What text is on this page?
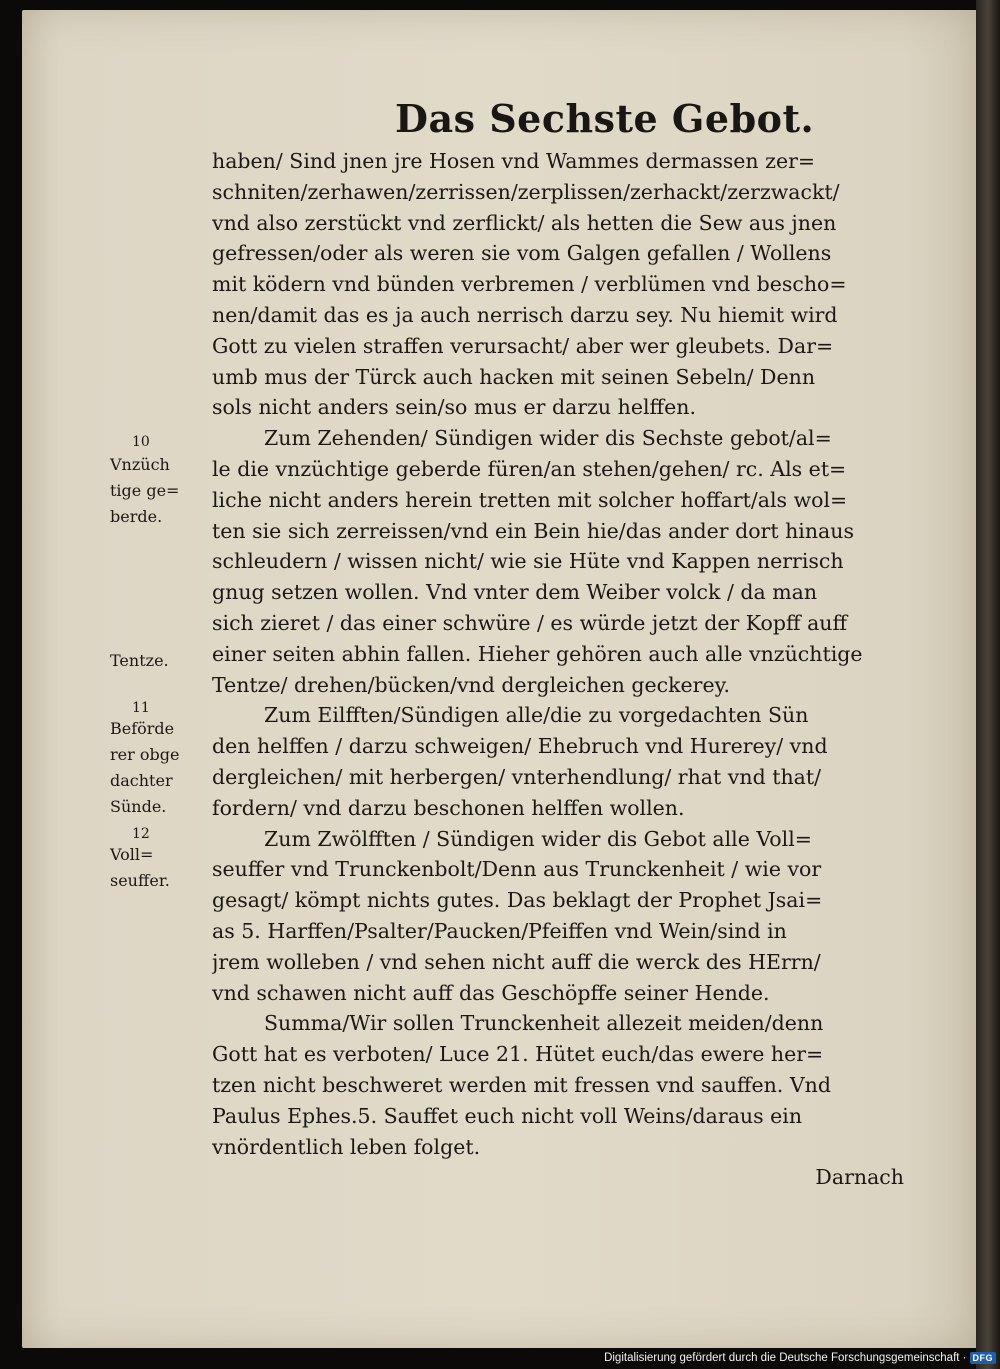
Das Sechste Gebot.
haben/ Sind jnen jre Hosen vnd Wammes dermassen zer=
schniten/zerhawen/zerrissen/zerplissen/zerhackt/zerzwackt/
vnd also zerstückt vnd zerflickt/ als hetten die Sew aus jnen
gefressen/oder als weren sie vom Galgen gefallen / Wollens
mit ködern vnd bünden verbremen / verblümen vnd bescho=
nen/damit das es ja auch nerrisch darzu sey. Nu hiemit wird
Gott zu vielen straffen verursacht/ aber wer gleubets. Dar=
umb mus der Türck auch hacken mit seinen Sebeln/ Denn
sols nicht anders sein/so mus er darzu helffen.
Zum Zehenden/ Sündigen wider dis Sechste gebot/al=
le die vnzüchtige geberde füren/an stehen/gehen/ rc. Als et=
liche nicht anders herein tretten mit solcher hoffart/als wol=
ten sie sich zerreissen/vnd ein Bein hie/das ander dort hinaus
schleudern / wissen nicht/ wie sie Hüte vnd Kappen nerrisch
gnug setzen wollen. Vnd vnter dem Weiber volck / da man
sich zieret / das einer schwüre / es würde jetzt der Kopff auff
einer seiten abhin fallen. Hieher gehören auch alle vnzüchtige
Tentze/ drehen/bücken/vnd dergleichen geckerey.
Zum Eilfften/Sündigen alle/die zu vorgedachten Sün
den helffen / darzu schweigen/ Ehebruch vnd Hurerey/ vnd
dergleichen/ mit herbergen/ vnterhendlung/ rhat vnd that/
fordern/ vnd darzu beschonen helffen wollen.
Zum Zwölfften / Sündigen wider dis Gebot alle Voll=
seuffer vnd Trunckenbolt/Denn aus Trunckenheit / wie vor
gesagt/ kömpt nichts gutes. Das beklagt der Prophet Jsai=
as 5. Harffen/Psalter/Paucken/Pfeiffen vnd Wein/sind in
jrem wolleben / vnd sehen nicht auff die werck des HErrn/
vnd schawen nicht auff das Geschöpffe seiner Hende.
Summa/Wir sollen Trunckenheit allezeit meiden/denn
Gott hat es verboten/ Luce 21. Hütet euch/das ewere her=
tzen nicht beschweret werden mit fressen vnd sauffen. Vnd
Paulus Ephes.5. Sauffet euch nicht voll Weins/daraus ein
vnördentlich leben folget.
Darnach
10
Vnzüch
tige ge=
berde.
Tentze.
11
Beförde
rer obge
dachter
Sünde.
12
Voll=
seuffer.
Digitalisierung gefördert durch die Deutsche Forschungsgemeinschaft · DFG
